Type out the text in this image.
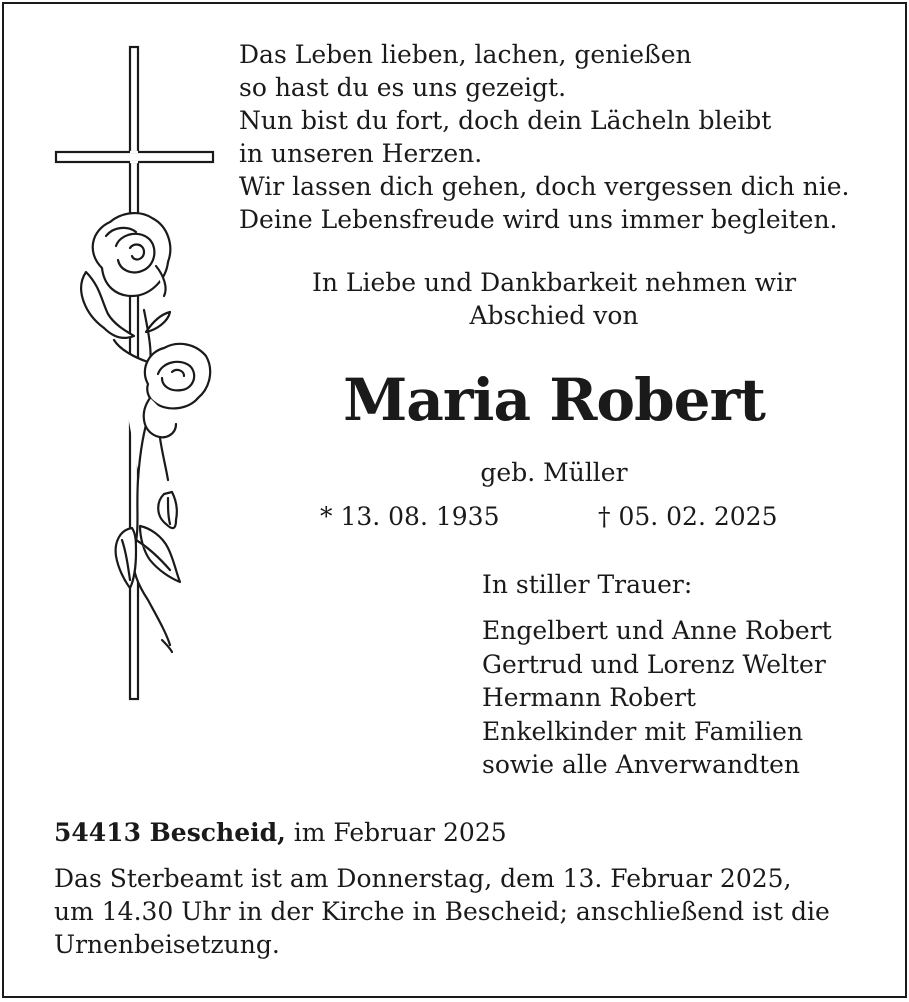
Das Leben lieben, lachen, genießen
so hast du es uns gezeigt.
Nun bist du fort, doch dein Lächeln bleibt
in unseren Herzen.
Wir lassen dich gehen, doch vergessen dich nie.
Deine Lebensfreude wird uns immer begleiten.
In Liebe und Dankbarkeit nehmen wir
Abschied von
Maria Robert
geb. Müller
* 13. 08. 1935	† 05. 02. 2025
In stiller Trauer:
Engelbert und Anne Robert
Gertrud und Lorenz Welter
Hermann Robert
Enkelkinder mit Familien
sowie alle Anverwandten
54413 Bescheid, im Februar 2025
Das Sterbeamt ist am Donnerstag, dem 13. Februar 2025,
um 14.30 Uhr in der Kirche in Bescheid; anschließend ist die
Urnenbeisetzung.
